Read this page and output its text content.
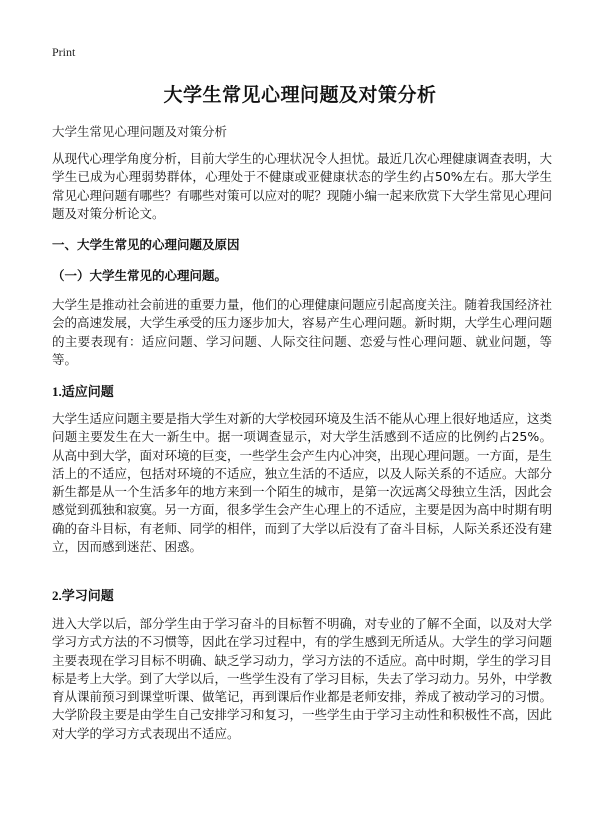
Print
大学生常见心理问题及对策分析
大学生常见心理问题及对策分析

从现代心理学角度分析，目前大学生的心理状况令人担忧。最近几次心理健康调查表明，大学生已成为心理弱势群体，心理处于不健康或亚健康状态的学生约占50%左右。那大学生常见心理问题有哪些？有哪些对策可以应对的呢？现随小编一起来欣赏下大学生常见心理问题及对策分析论文。

一、大学生常见的心理问题及原因

（一）大学生常见的心理问题。

大学生是推动社会前进的重要力量，他们的心理健康问题应引起高度关注。随着我国经济社会的高速发展，大学生承受的压力逐步加大，容易产生心理问题。新时期，大学生心理问题的主要表现有：适应问题、学习问题、人际交往问题、恋爱与性心理问题、就业问题，等等。

1.适应问题

大学生适应问题主要是指大学生对新的大学校园环境及生活不能从心理上很好地适应，这类问题主要发生在大一新生中。据一项调查显示，对大学生活感到不适应的比例约占25%。从高中到大学，面对环境的巨变，一些学生会产生内心冲突，出现心理问题。一方面，是生活上的不适应，包括对环境的不适应，独立生活的不适应，以及人际关系的不适应。大部分新生都是从一个生活多年的地方来到一个陌生的城市，是第一次远离父母独立生活，因此会感觉到孤独和寂寞。另一方面，很多学生会产生心理上的不适应，主要是因为高中时期有明确的奋斗目标，有老师、同学的相伴，而到了大学以后没有了奋斗目标，人际关系还没有建立，因而感到迷茫、困惑。

2.学习问题

进入大学以后，部分学生由于学习奋斗的目标暂不明确，对专业的了解不全面，以及对大学学习方式方法的不习惯等，因此在学习过程中，有的学生感到无所适从。大学生的学习问题主要表现在学习目标不明确、缺乏学习动力，学习方法的不适应。高中时期，学生的学习目标是考上大学。到了大学以后，一些学生没有了学习目标，失去了学习动力。另外，中学教育从课前预习到课堂听课、做笔记，再到课后作业都是老师安排，养成了被动学习的习惯。大学阶段主要是由学生自己安排学习和复习，一些学生由于学习主动性和积极性不高，因此对大学的学习方式表现出不适应。
